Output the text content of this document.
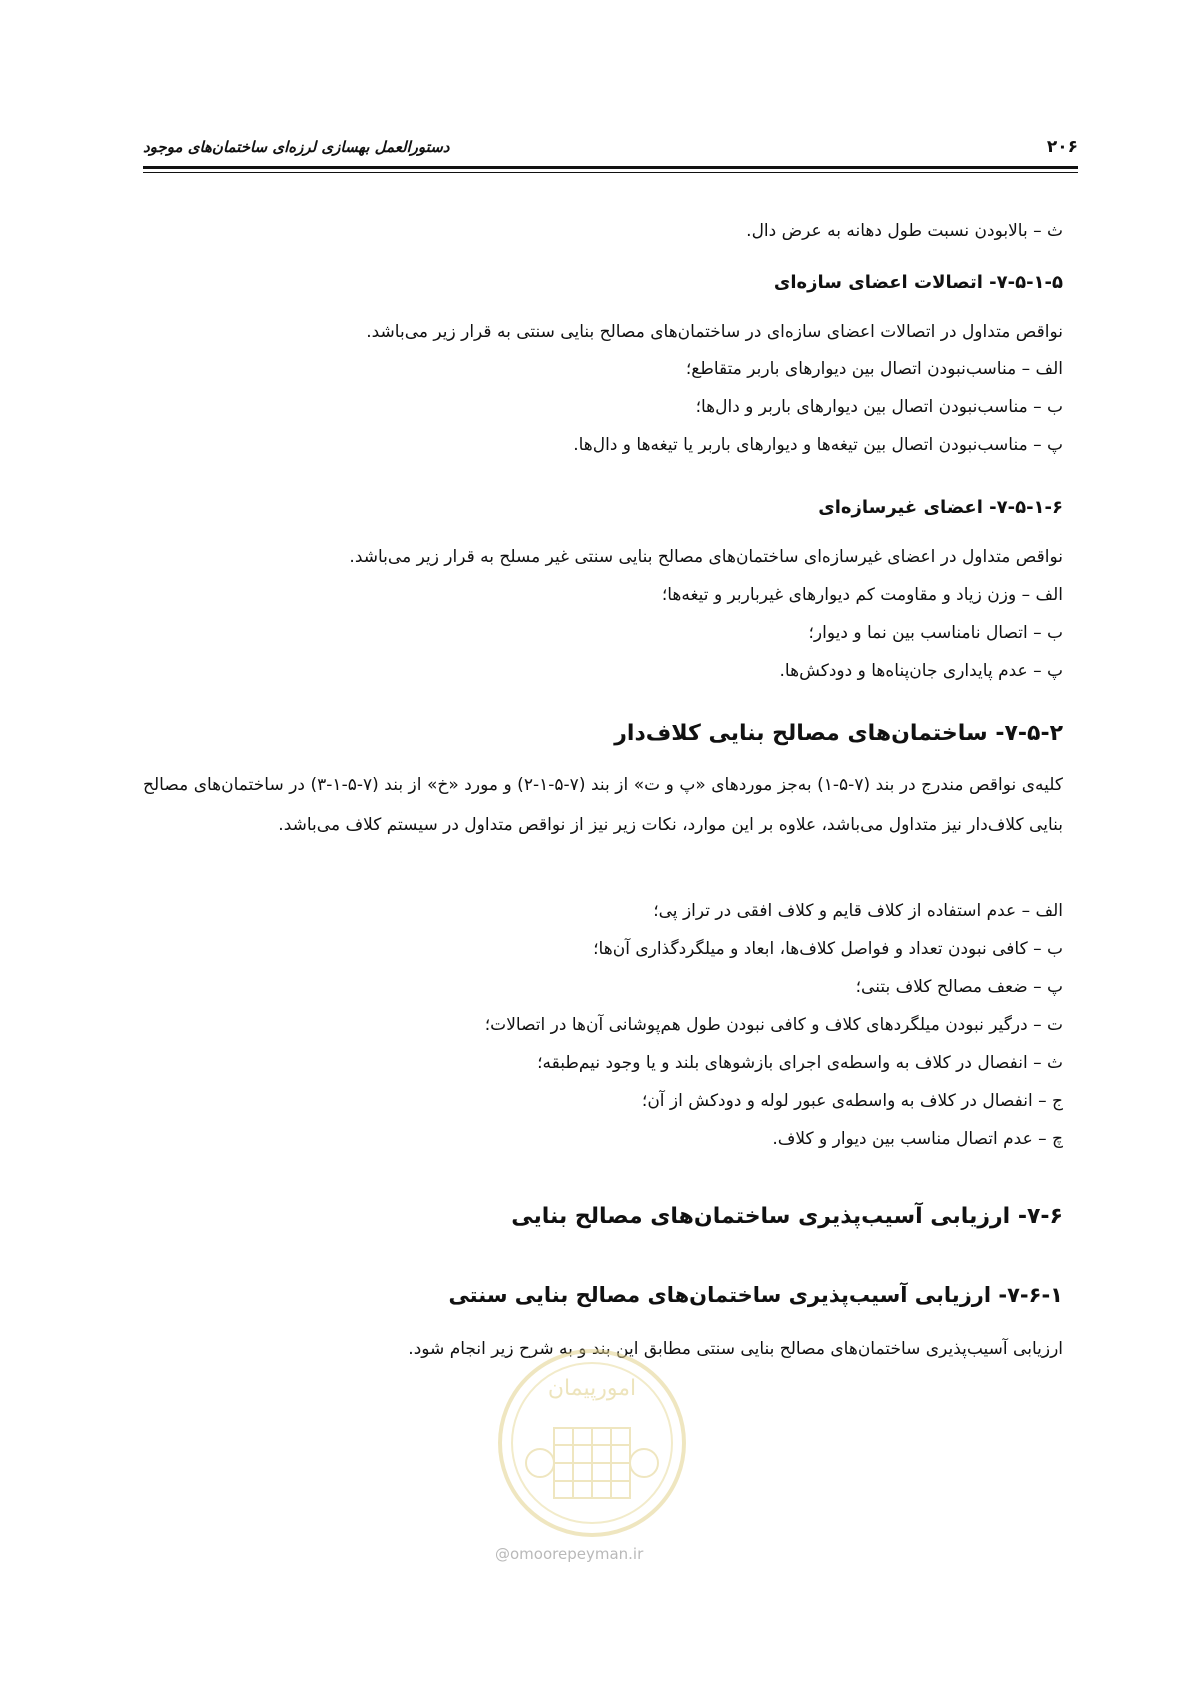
۲۰۶
دستورالعمل بهسازی لرزه‌ای ساختمان‌های موجود
ث – بالابودن نسبت طول دهانه به عرض دال.
۷-۵-۱-۵- اتصالات اعضای سازه‌ای
نواقص متداول در اتصالات اعضای سازه‌ای در ساختمان‌های مصالح بنایی سنتی به قرار زیر می‌باشد.
الف – مناسب‌نبودن اتصال بین دیوارهای باربر متقاطع؛
ب – مناسب‌نبودن اتصال بین دیوارهای باربر و دال‌ها؛
پ – مناسب‌نبودن اتصال بین تیغه‌ها و دیوارهای باربر یا تیغه‌ها و دال‌ها.
۷-۵-۱-۶- اعضای غیرسازه‌ای
نواقص متداول در اعضای غیرسازه‌ای ساختمان‌های مصالح بنایی سنتی غیر مسلح به قرار زیر می‌باشد.
الف – وزن زیاد و مقاومت کم دیوارهای غیرباربر و تیغه‌ها؛
ب – اتصال نامناسب بین نما و دیوار؛
پ – عدم پایداری جان‌پناه‌ها و دودکش‌ها.
۷-۵-۲- ساختمان‌های مصالح بنایی کلاف‌دار
کلیه‌ی نواقص مندرج در بند (۷-۵-۱) به‌جز موردهای «پ و ت» از بند (۷-۵-۱-۲) و مورد «خ» از بند (۷-۵-۱-۳) در ساختمان‌های مصالح بنایی کلاف‌دار نیز متداول می‌باشد، علاوه بر این موارد، نکات زیر نیز از نواقص متداول در سیستم کلاف می‌باشد.
الف – عدم استفاده از کلاف قایم و کلاف افقی در تراز پی؛
ب – کافی نبودن تعداد و فواصل کلاف‌ها، ابعاد و میلگردگذاری آن‌ها؛
پ – ضعف مصالح کلاف بتنی؛
ت – درگیر نبودن میلگردهای کلاف و کافی نبودن طول هم‌پوشانی آن‌ها در اتصالات؛
ث – انفصال در کلاف به واسطه‌ی اجرای بازشوهای بلند و یا وجود نیم‌طبقه؛
ج – انفصال در کلاف به واسطه‌ی عبور لوله و دودکش از آن؛
چ – عدم اتصال مناسب بین دیوار و کلاف.
۷-۶- ارزیابی آسیب‌پذیری ساختمان‌های مصالح بنایی
۷-۶-۱- ارزیابی آسیب‌پذیری ساختمان‌های مصالح بنایی سنتی
ارزیابی آسیب‌پذیری ساختمان‌های مصالح بنایی سنتی مطابق این بند و به شرح زیر انجام شود.
امورپیمان
@omoorepeyman.ir
